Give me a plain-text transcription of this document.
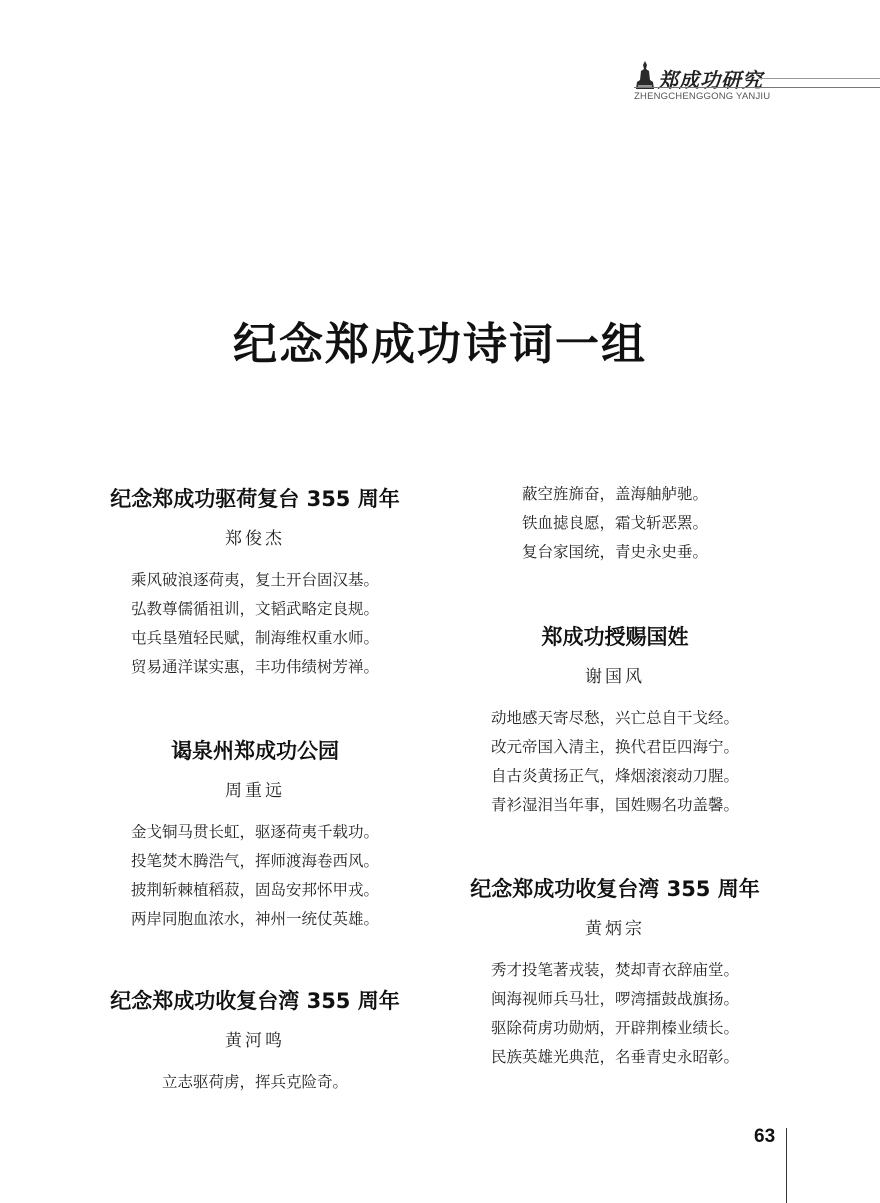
郑成功研究
ZHENGCHENGGONG YANJIU
纪念郑成功诗词一组
纪念郑成功驱荷复台 355 周年
郑俊杰
乘风破浪逐荷夷，复土开台固汉基。
弘教尊儒循祖训，文韬武略定良规。
屯兵垦殖轻民赋，制海维权重水师。
贸易通洋谋实惠，丰功伟绩树芳禅。
谒泉州郑成功公园
周重远
金戈铜马贯长虹，驱逐荷夷千载功。
投笔焚木腾浩气，挥师渡海卷西风。
披荆斩棘植稻菽，固岛安邦怀甲戎。
两岸同胞血浓水，神州一统仗英雄。
纪念郑成功收复台湾 355 周年
黄河鸣
立志驱荷虏，挥兵克险奇。
蔽空旌旆奋，盖海舳舻驰。
铁血摅良愿，霜戈斩恶罴。
复台家国统，青史永史垂。
郑成功授赐国姓
谢国风
动地感天寄尽愁，兴亡总自干戈经。
改元帝国入清主，换代君臣四海宁。
自古炎黄扬正气，烽烟滚滚动刀腥。
青衫湿泪当年事，国姓赐名功盖馨。
纪念郑成功收复台湾 355 周年
黄炳宗
秀才投笔著戎装，焚却青衣辞庙堂。
闽海视师兵马壮，啰湾擂鼓战旗扬。
驱除荷虏功勋炳，开辟荆榛业绩长。
民族英雄光典范，名垂青史永昭彰。
63
